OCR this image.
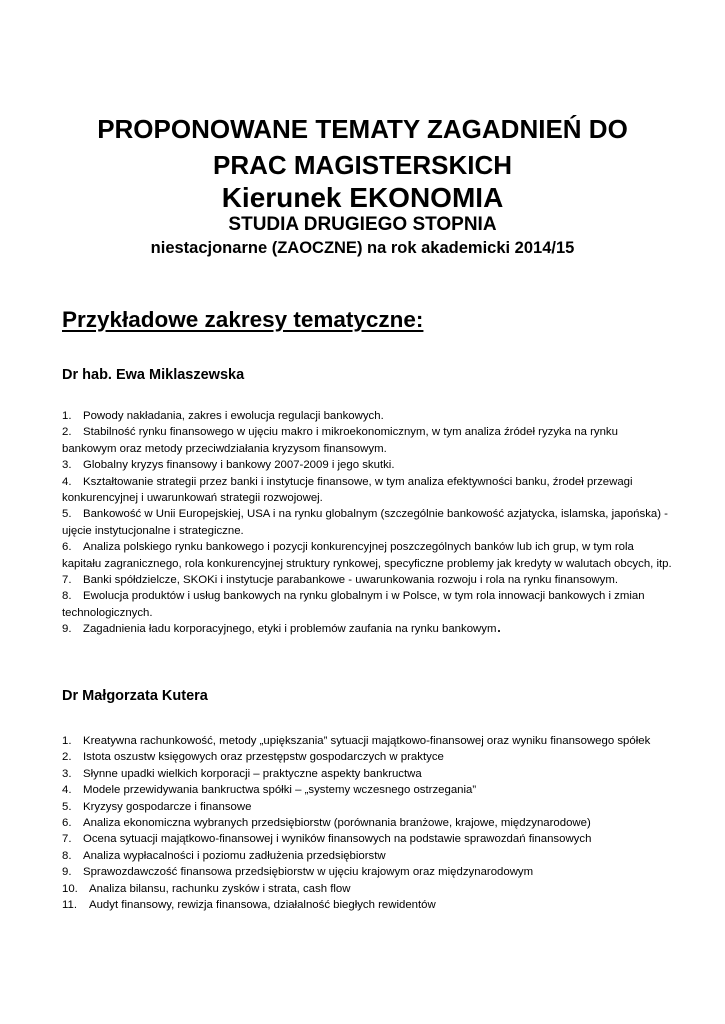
PROPONOWANE TEMATY ZAGADNIEŃ DO
PRAC MAGISTERSKICH
Kierunek EKONOMIA
STUDIA DRUGIEGO STOPNIA
niestacjonarne (ZAOCZNE) na rok akademicki 2014/15
Przykładowe zakresy tematyczne:
Dr hab. Ewa Miklaszewska
1. Powody nakładania, zakres i ewolucja regulacji bankowych.
2. Stabilność rynku finansowego w ujęciu makro i mikroekonomicznym, w tym analiza źródeł ryzyka na rynku bankowym oraz metody przeciwdziałania kryzysom finansowym.
3. Globalny kryzys finansowy i bankowy 2007-2009 i jego skutki.
4. Kształtowanie strategii przez banki i instytucje finansowe, w tym analiza efektywności banku, źrodeł przewagi konkurencyjnej i uwarunkowań strategii rozwojowej.
5. Bankowość w Unii Europejskiej, USA i na rynku globalnym (szczególnie bankowość azjatycka, islamska, japońska) - ujęcie instytucjonalne i strategiczne.
6. Analiza polskiego rynku bankowego i pozycji konkurencyjnej poszczególnych banków lub ich grup, w tym rola kapitału zagranicznego, rola konkurencyjnej struktury rynkowej, specyficzne problemy jak kredyty w walutach obcych, itp.
7. Banki spółdzielcze, SKOKi i instytucje parabankowe - uwarunkowania rozwoju i rola na rynku finansowym.
8. Ewolucja produktów i usług bankowych na rynku globalnym i w Polsce, w tym rola innowacji bankowych i zmian technologicznych.
9. Zagadnienia ładu korporacyjnego, etyki i problemów zaufania na rynku bankowym.
Dr Małgorzata Kutera
1. Kreatywna rachunkowość, metody „upiększania” sytuacji majątkowo-finansowej oraz wyniku finansowego spółek
2. Istota oszustw księgowych oraz przestępstw gospodarczych w praktyce
3. Słynne upadki wielkich korporacji – praktyczne aspekty bankructwa
4. Modele przewidywania bankructwa spółki – „systemy wczesnego ostrzegania”
5. Kryzysy gospodarcze i finansowe
6. Analiza ekonomiczna wybranych przedsiębiorstw (porównania branżowe, krajowe, międzynarodowe)
7. Ocena sytuacji majątkowo-finansowej i wyników finansowych na podstawie sprawozdań finansowych
8. Analiza wypłacalności i poziomu zadłużenia przedsiębiorstw
9. Sprawozdawczość finansowa przedsiębiorstw w ujęciu krajowym oraz międzynarodowym
10. Analiza bilansu, rachunku zysków i strata, cash flow
11. Audyt finansowy, rewizja finansowa, działalność biegłych rewidentów
